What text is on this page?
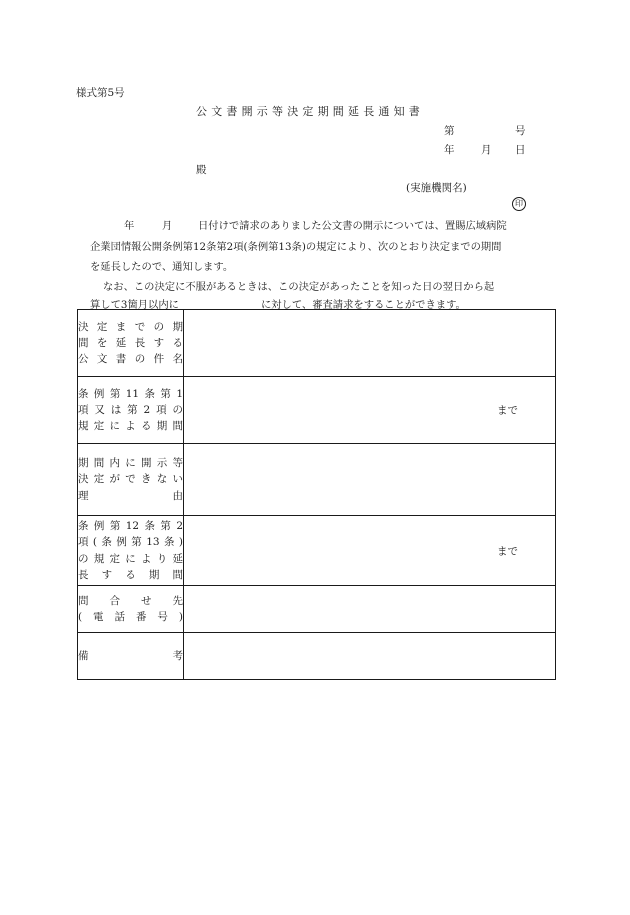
様式第5号
公文書開示等決定期間延長通知書
第	号
年	月 日
殿
(実施機関名)
印
年	月 日付けで請求のありました公文書の開示については、置賜広域病院
企業団情報公開条例第12条第2項(条例第13条)の規定により、次のとおり決定までの期間
を延長したので、通知します。
なお、この決定に不服があるときは、この決定があったことを知った日の翌日から起
算して3箇月以内に	に対して、審査請求をすることができます。
決定までの期
間を延長する
公文書の件名	

条例第11条第1
項又は第2項の
規定による期間	まで

期間内に開示等
決定ができない
理　　　　　由	

条例第12条第2
項(条例第13条)
の規定により延
長する期間	まで

問合せ先
(電話番号)	

備　　　　考	
